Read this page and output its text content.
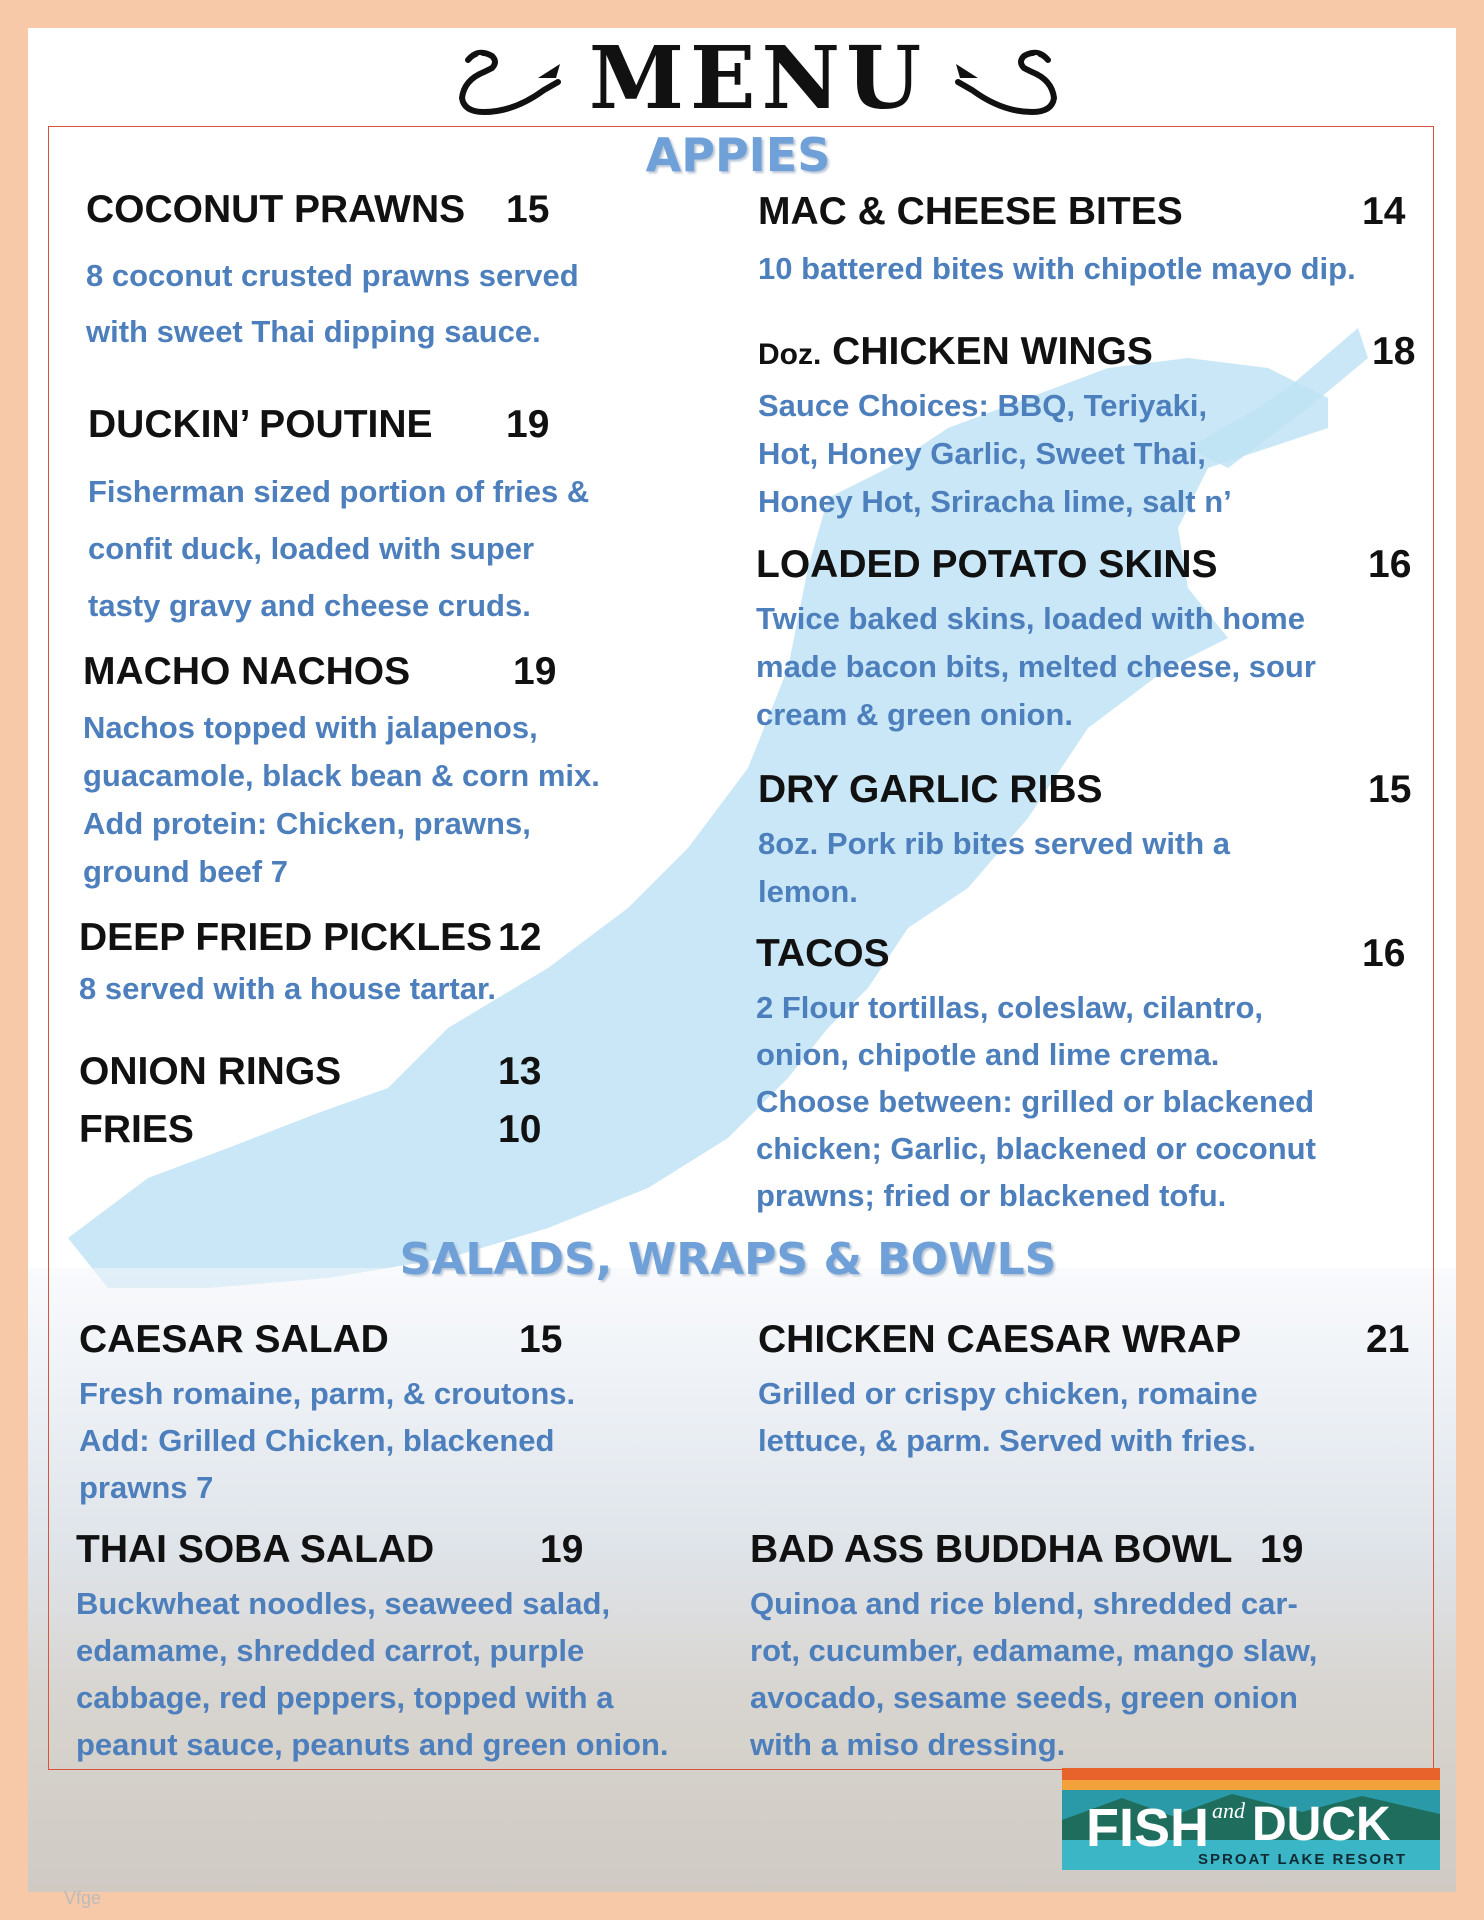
MENU
APPIES
COCONUT PRAWNS 15
8 coconut crusted prawns served
with sweet Thai dipping sauce.
DUCKIN’ POUTINE 19
Fisherman sized portion of fries &
confit duck, loaded with super
tasty gravy and cheese cruds.
MACHO NACHOS	19
Nachos topped with jalapenos,
guacamole, black bean & corn mix.
Add protein: Chicken, prawns,
ground beef 7
DEEP FRIED PICKLES 12
8 served with a house tartar.
ONION RINGS	13
FRIES	10
MAC & CHEESE BITES	14
10 battered bites with chipotle mayo dip.
Doz. CHICKEN WINGS	18
Sauce Choices: BBQ, Teriyaki,
Hot, Honey Garlic, Sweet Thai,
Honey Hot, Sriracha lime, salt n’
LOADED POTATO SKINS	16
Twice baked skins, loaded with home
made bacon bits, melted cheese, sour
cream & green onion.
DRY GARLIC RIBS	15
8oz. Pork rib bites served with a
lemon.
TACOS	16
2 Flour tortillas, coleslaw, cilantro,
onion, chipotle and lime crema.
Choose between: grilled or blackened
chicken; Garlic, blackened or coconut
prawns; fried or blackened tofu.
SALADS, WRAPS & BOWLS
CAESAR SALAD	15
Fresh romaine, parm, & croutons.
Add: Grilled Chicken, blackened
prawns 7
THAI SOBA SALAD	19
Buckwheat noodles, seaweed salad,
edamame, shredded carrot, purple
cabbage, red peppers, topped with a
peanut sauce, peanuts and green onion.
CHICKEN CAESAR WRAP	21
Grilled or crispy chicken, romaine
lettuce, & parm. Served with fries.
BAD ASS BUDDHA BOWL 19
Quinoa and rice blend, shredded car-
rot, cucumber, edamame, mango slaw,
avocado, sesame seeds, green onion
with a miso dressing.
Vfge
FISH and DUCK
SPROAT LAKE RESORT
